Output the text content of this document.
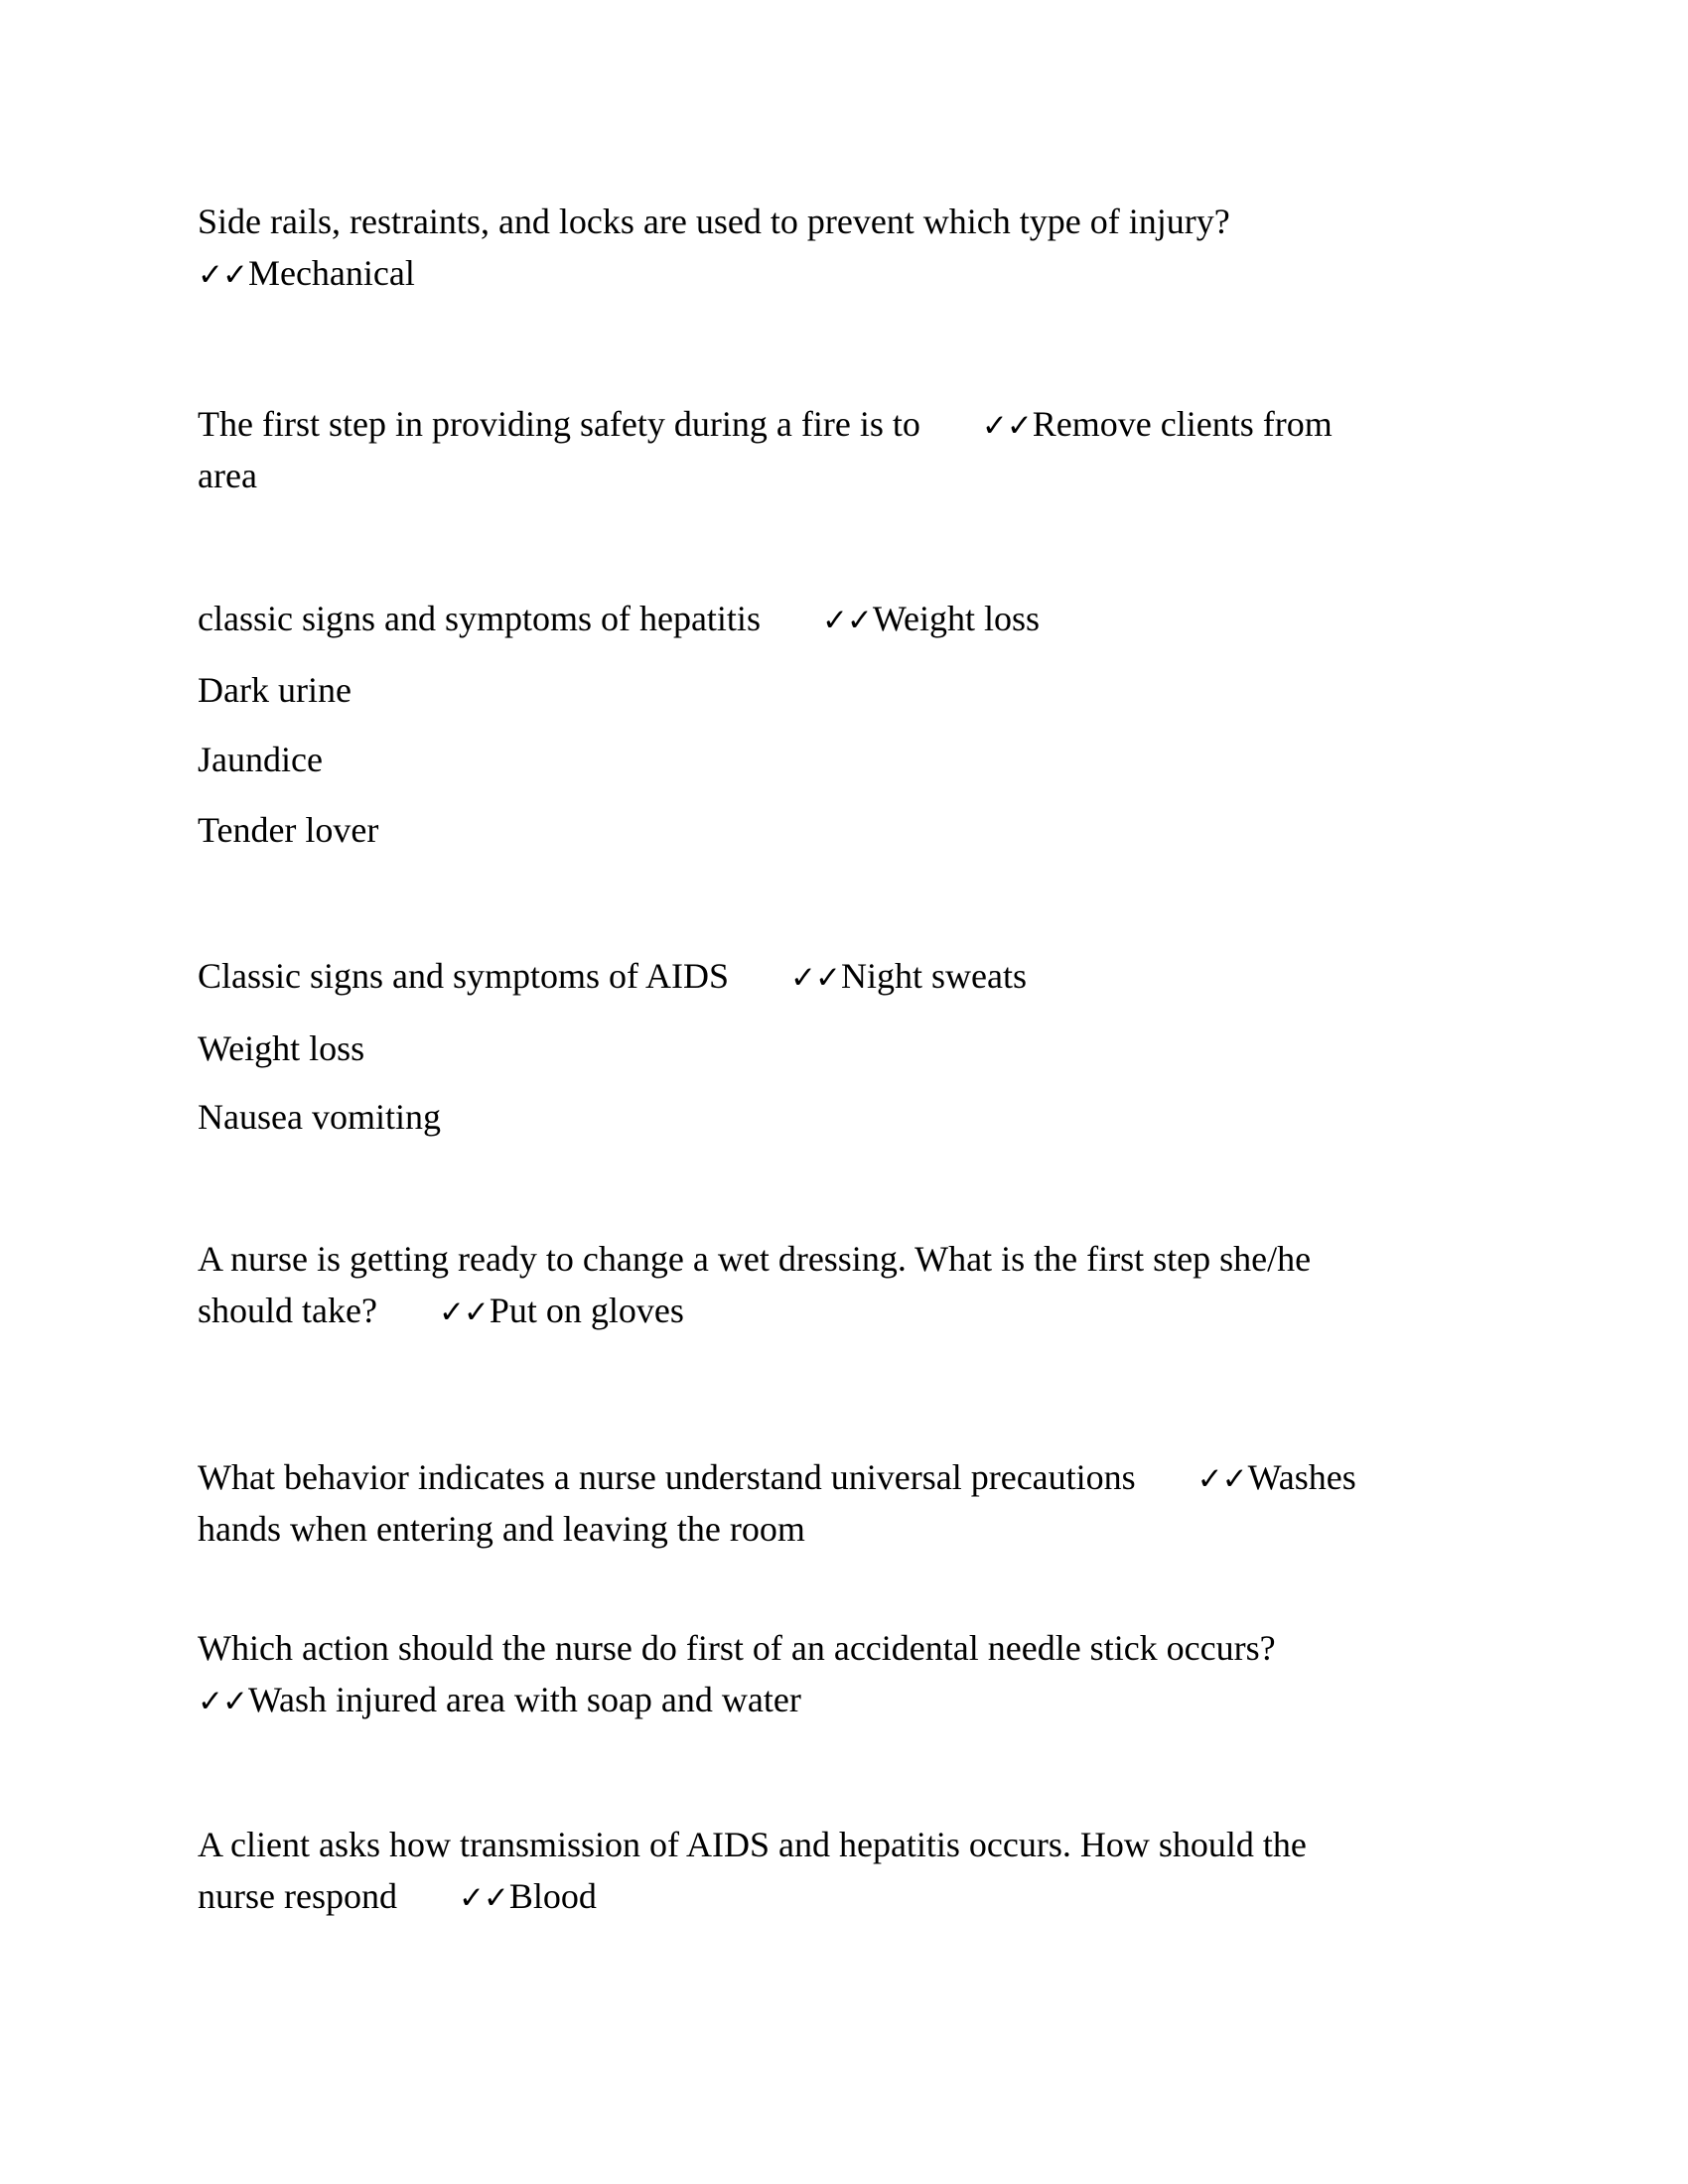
Side rails, restraints, and locks are used to prevent which type of injury?
✓✓Mechanical
The first step in providing safety during a fire is to ✓✓Remove clients from
area
classic signs and symptoms of hepatitis ✓✓Weight loss
Dark urine
Jaundice
Tender lover
Classic signs and symptoms of AIDS ✓✓Night sweats
Weight loss
Nausea vomiting
A nurse is getting ready to change a wet dressing. What is the first step she/he
should take? ✓✓Put on gloves
What behavior indicates a nurse understand universal precautions ✓✓Washes
hands when entering and leaving the room
Which action should the nurse do first of an accidental needle stick occurs?
✓✓Wash injured area with soap and water
A client asks how transmission of AIDS and hepatitis occurs. How should the
nurse respond ✓✓Blood
